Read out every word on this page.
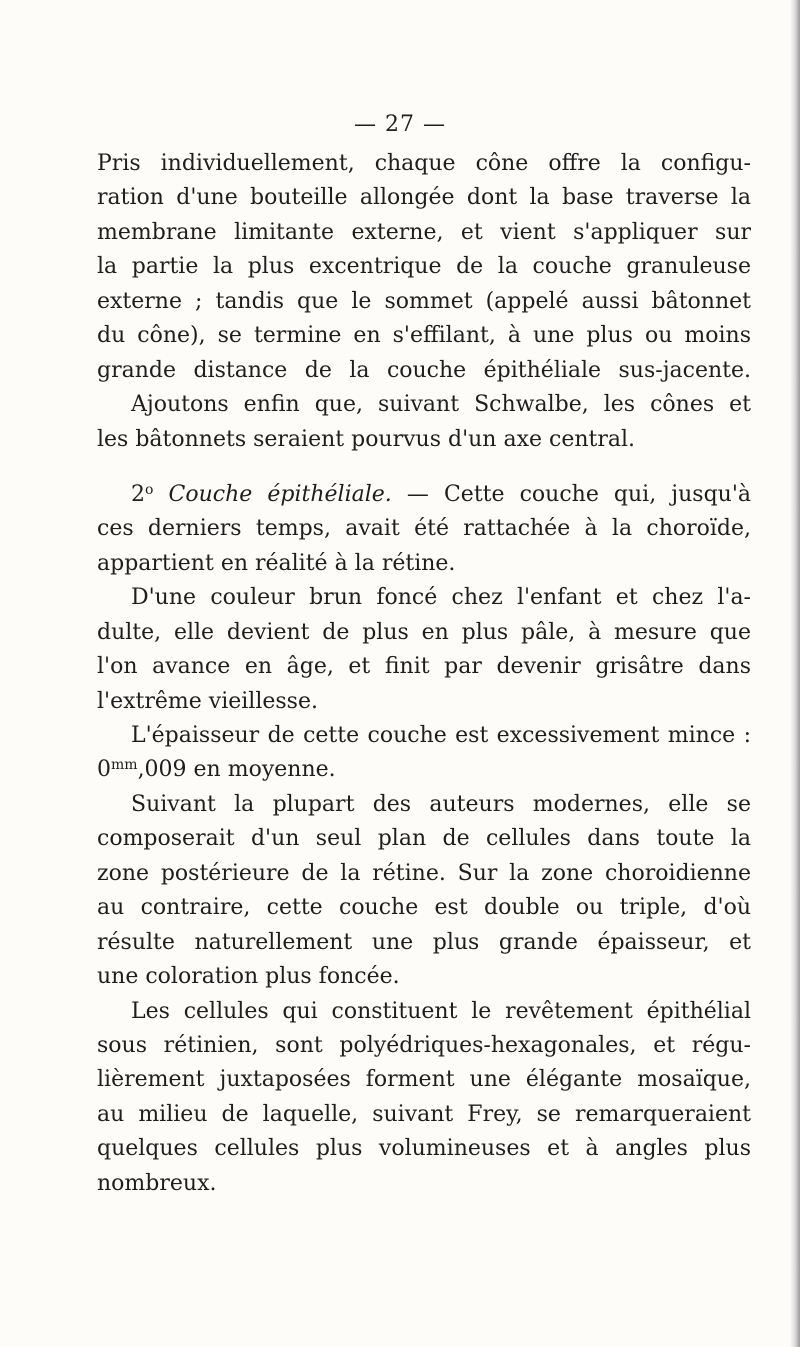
— 27 —
Pris individuellement, chaque cône offre la configu-
ration d'une bouteille allongée dont la base traverse la
membrane limitante externe, et vient s'appliquer sur
la partie la plus excentrique de la couche granuleuse
externe ; tandis que le sommet (appelé aussi bâtonnet
du cône), se termine en s'effilant, à une plus ou moins
grande distance de la couche épithéliale sus-jacente.
Ajoutons enfin que, suivant Schwalbe, les cônes et
les bâtonnets seraient pourvus d'un axe central.
2$^o$ Couche épithéliale. — Cette couche qui, jusqu'à
ces derniers temps, avait été rattachée à la choroïde,
appartient en réalité à la rétine.
D'une couleur brun foncé chez l'enfant et chez l'a-
dulte, elle devient de plus en plus pâle, à mesure que
l'on avance en âge, et finit par devenir grisâtre dans
l'extrême vieillesse.
L'épaisseur de cette couche est excessivement mince :
$0^{mm},009$ en moyenne.
Suivant la plupart des auteurs modernes, elle se
composerait d'un seul plan de cellules dans toute la
zone postérieure de la rétine. Sur la zone choroidienne
au contraire, cette couche est double ou triple, d'où
résulte naturellement une plus grande épaisseur, et
une coloration plus foncée.
Les cellules qui constituent le revêtement épithélial
sous rétinien, sont polyédriques-hexagonales, et régu-
lièrement juxtaposées forment une élégante mosaïque,
au milieu de laquelle, suivant Frey, se remarqueraient
quelques cellules plus volumineuses et à angles plus
nombreux.
